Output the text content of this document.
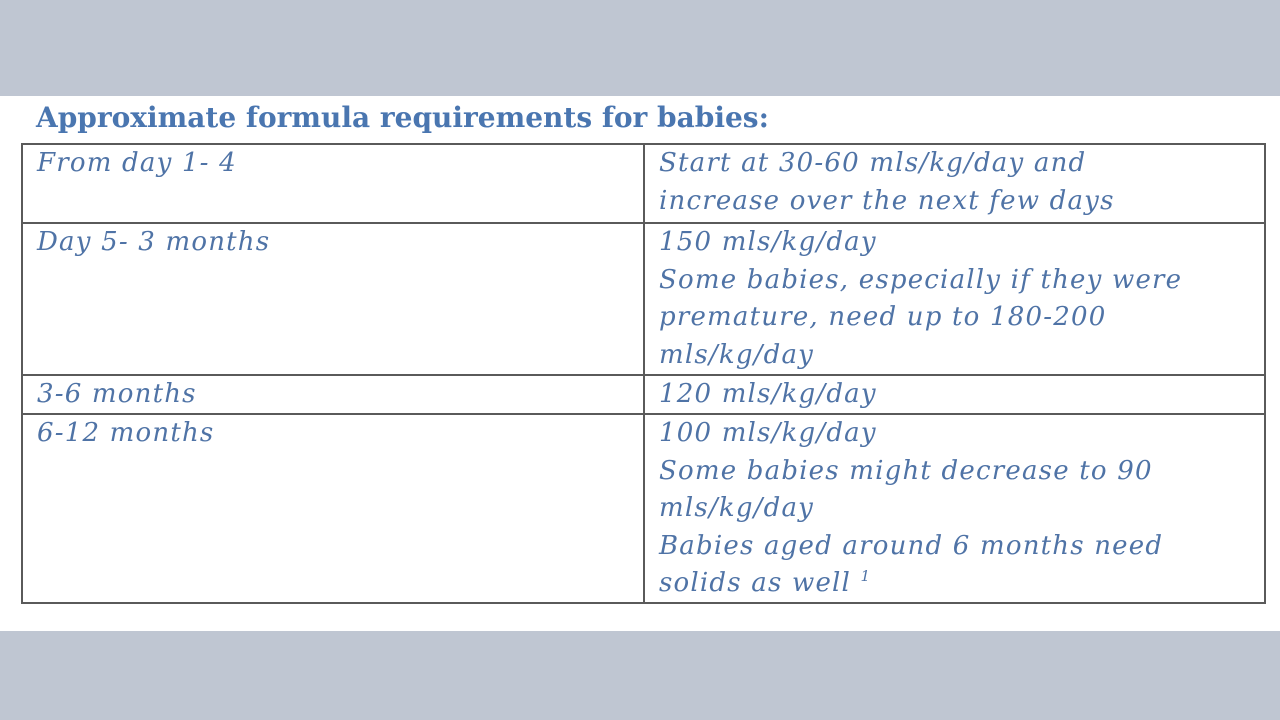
Approximate formula requirements for babies:
From day 1- 4	Start at 30-60 mls/kg/day and
increase over the next few days
Day 5- 3 months	150 mls/kg/day
Some babies, especially if they were
premature, need up to 180-200
mls/kg/day
3-6 months	120 mls/kg/day
6-12 months	100 mls/kg/day
Some babies might decrease to 90
mls/kg/day
Babies aged around 6 months need
solids as well $^1$
